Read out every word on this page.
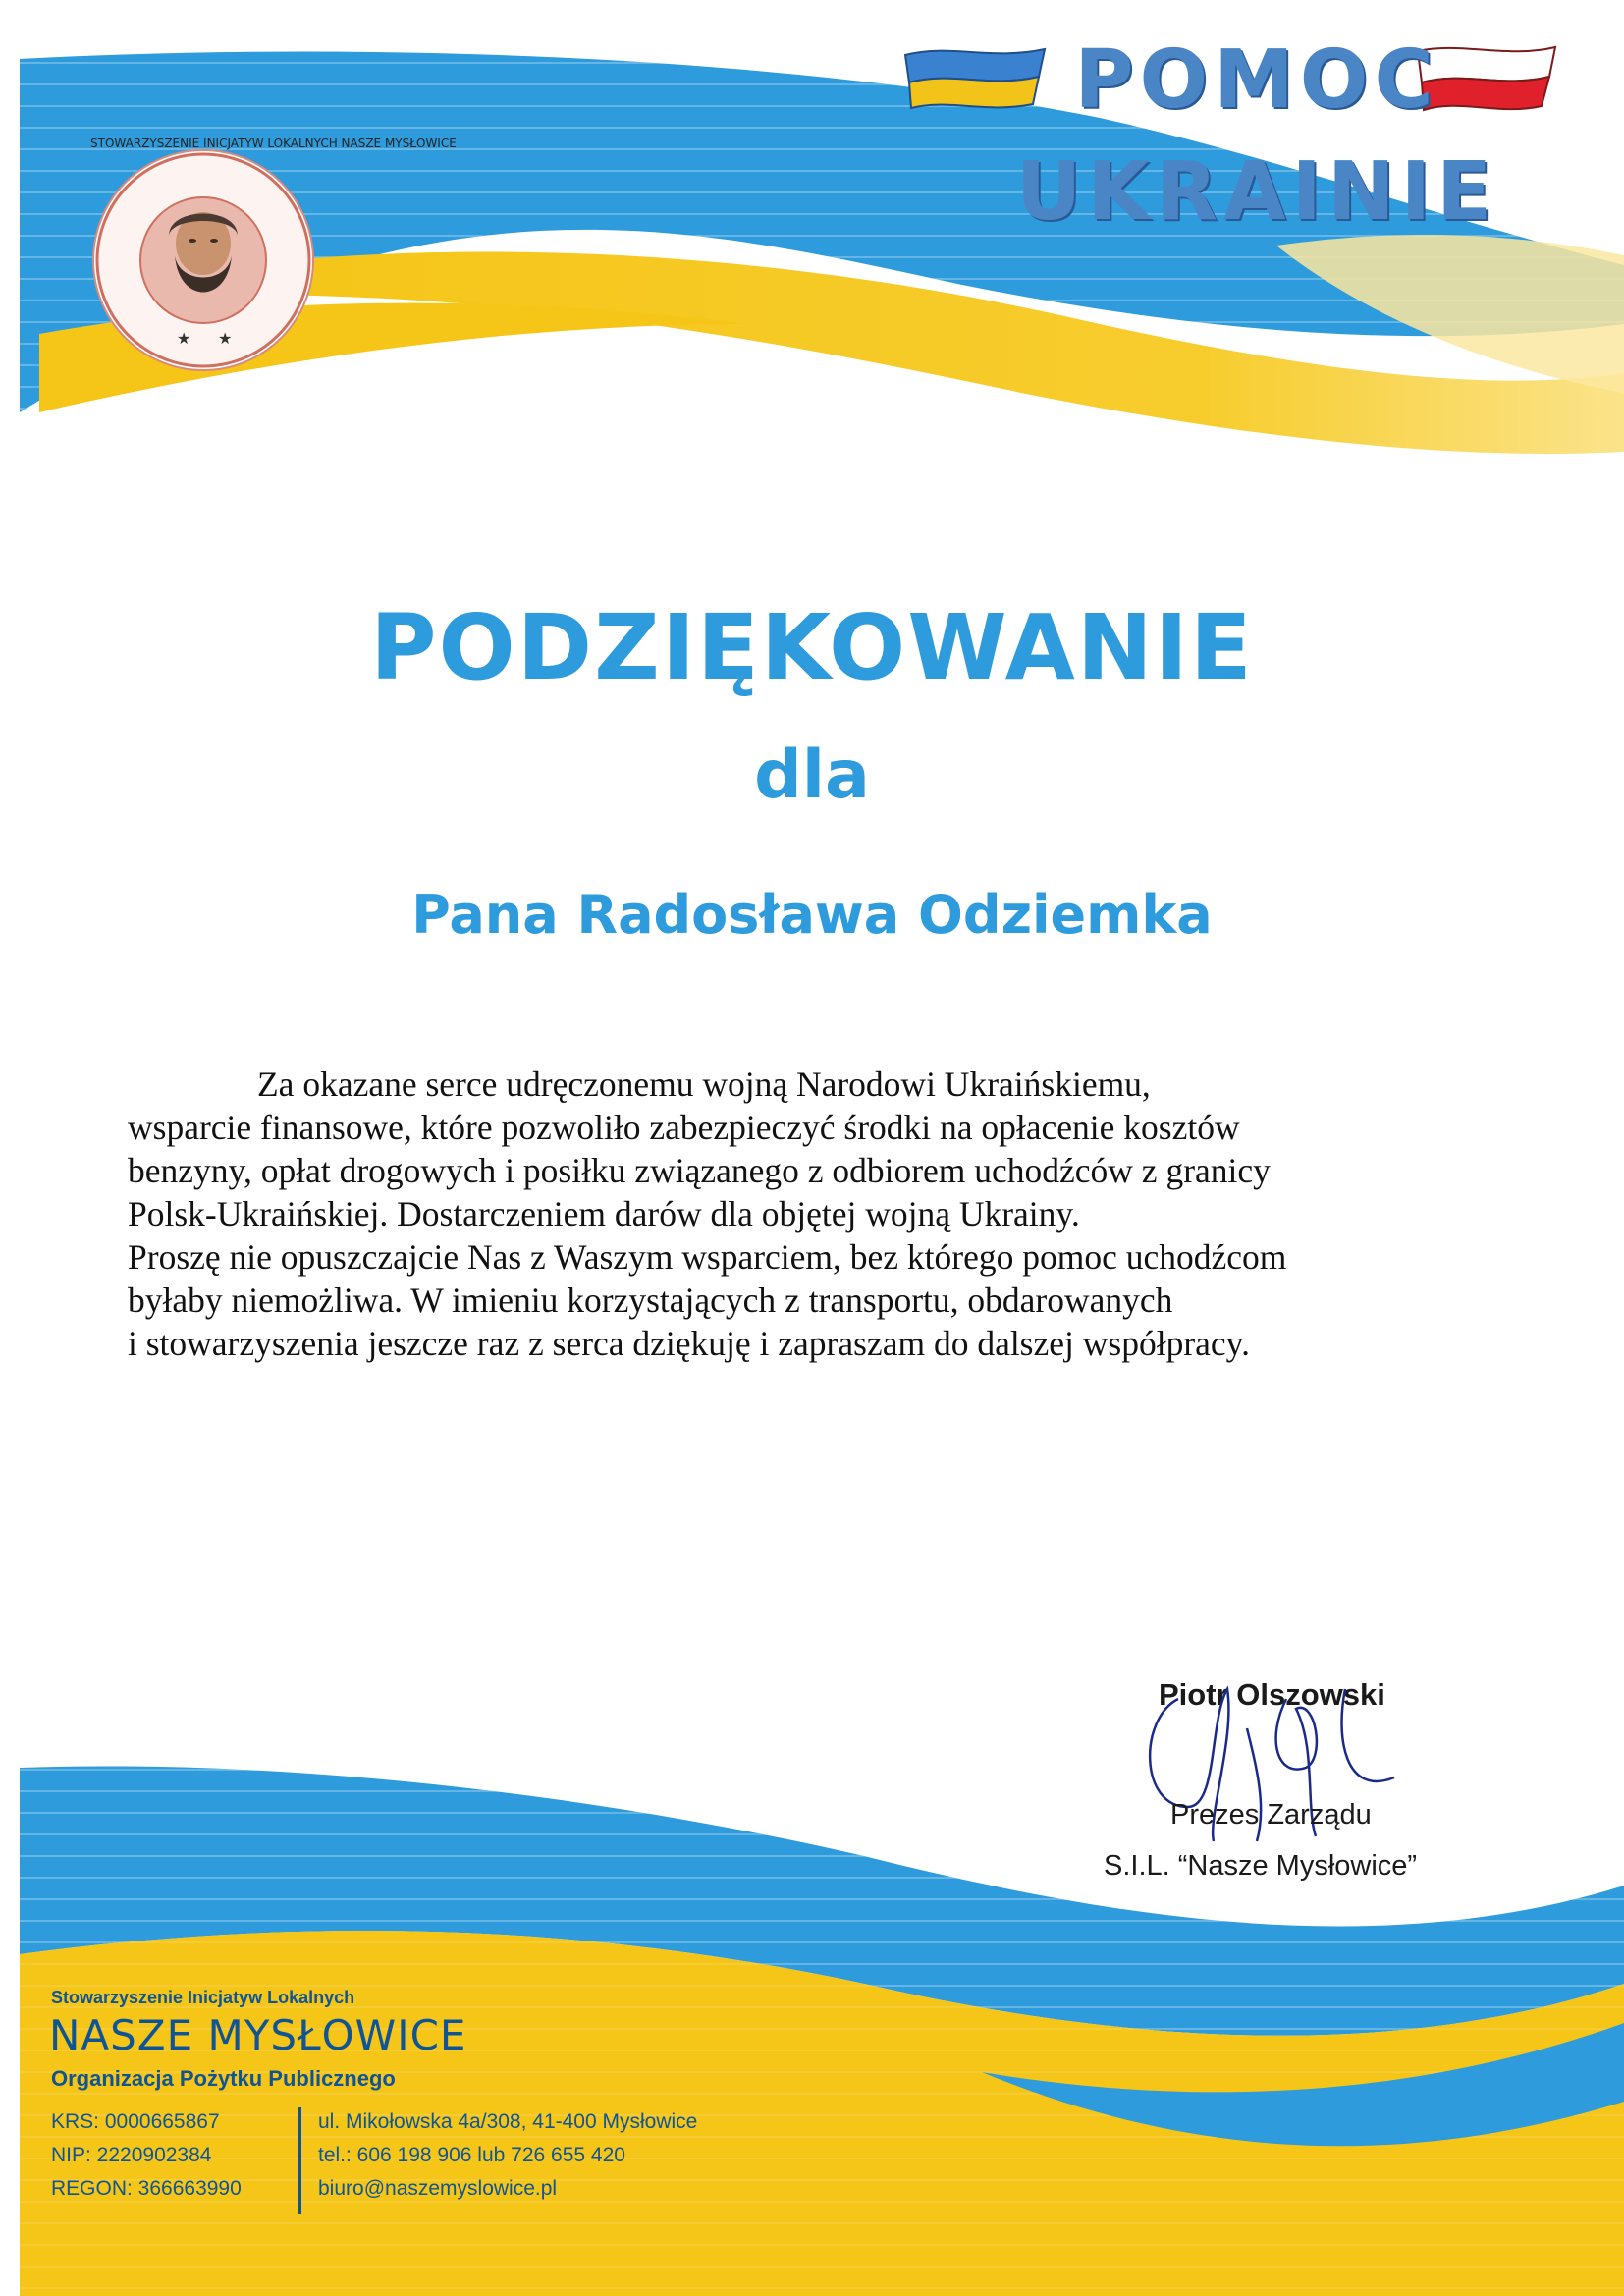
★ ★
STOWARZYSZENIE INICJATYW LOKALNYCH NASZE MYSŁOWICE
POMOC
UKRAINIE
PODZIĘKOWANIE
dla
Pana Radosława Odziemka
Za okazane serce udręczonemu wojną Narodowi Ukraińskiemu,
wsparcie finansowe, które pozwoliło zabezpieczyć środki na opłacenie kosztów
benzyny, opłat drogowych i posiłku związanego z odbiorem uchodźców z granicy
Polsk-Ukraińskiej. Dostarczeniem darów dla objętej wojną Ukrainy.
Proszę nie opuszczajcie Nas z Waszym wsparciem, bez którego pomoc uchodźcom
byłaby niemożliwa. W imieniu korzystających z transportu, obdarowanych
i stowarzyszenia jeszcze raz z serca dziękuję i zapraszam do dalszej współpracy.
Piotr Olszowski
Prezes Zarządu
S.I.L. “Nasze Mysłowice”
Stowarzyszenie Inicjatyw Lokalnych
NASZE MYSŁOWICE
Organizacja Pożytku Publicznego
KRS: 0000665867
NIP: 2220902384
REGON: 366663990
ul. Mikołowska 4a/308, 41-400 Mysłowice
tel.: 606 198 906 lub 726 655 420
biuro@naszemyslowice.pl
